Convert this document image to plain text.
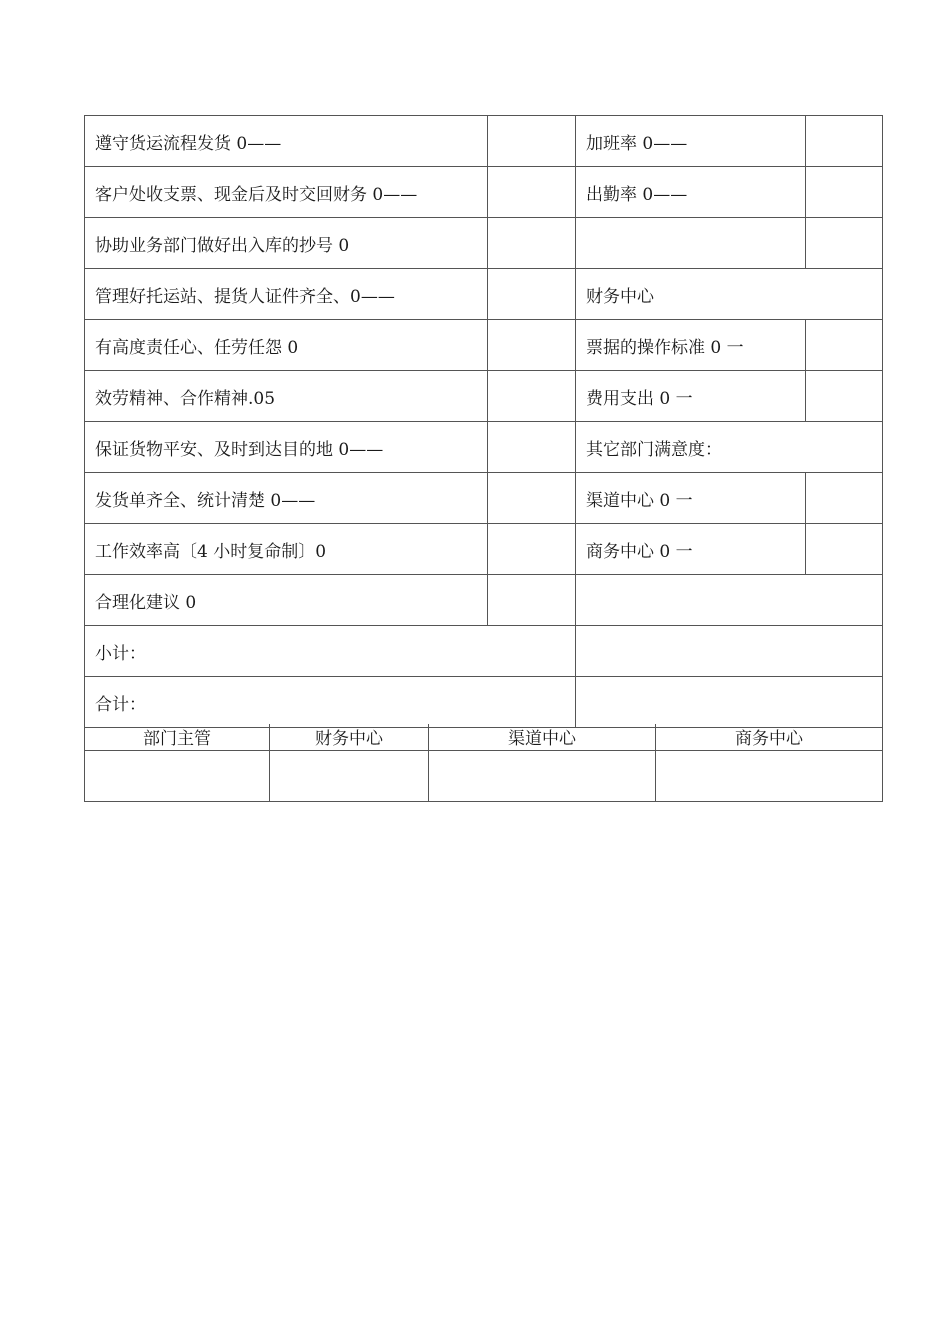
遵守货运流程发货 0——		加班率 0——	
客户处收支票、现金后及时交回财务 0——		出勤率 0——	
协助业务部门做好出入库的抄号 0			
管理好托运站、提货人证件齐全、0——		财务中心	
有高度责任心、任劳任怨 0		票据的操作标准 0 一	
效劳精神、合作精神.05		费用支出 0 一	
保证货物平安、及时到达目的地 0——		其它部门满意度：	
发货单齐全、统计清楚 0——		渠道中心 0 一	
工作效率高〔4 小时复命制〕0		商务中心 0 一	
合理化建议 0			
小计：			
合计：			
部门主管	财务中心	渠道中心	商务中心
